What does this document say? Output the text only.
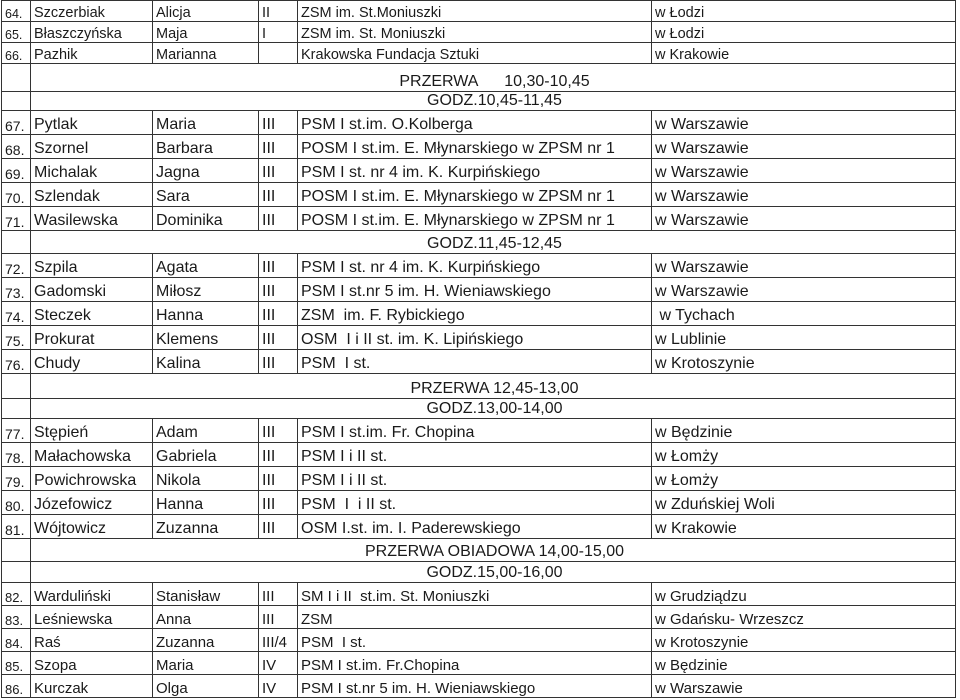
64.	Szczerbiak	Alicja	II	ZSM im. St.Moniuszki	w Łodzi
65.	Błaszczyńska	Maja	I	ZSM im. St. Moniuszki	w Łodzi
66.	Pazhik	Marianna		Krakowska Fundacja Sztuki	w Krakowie
	PRZERWA      10,30-10,45				
	GODZ.10,45-11,45				
67.	Pytlak	Maria	III	PSM I st.im. O.Kolberga	w Warszawie
68.	Szornel	Barbara	III	POSM I st.im. E. Młynarskiego w ZPSM nr 1	w Warszawie
69.	Michalak	Jagna	III	PSM I st. nr 4 im. K. Kurpińskiego	w Warszawie
70.	Szlendak	Sara	III	POSM I st.im. E. Młynarskiego w ZPSM nr 1	w Warszawie
71.	Wasilewska	Dominika	III	POSM I st.im. E. Młynarskiego w ZPSM nr 1	w Warszawie
	GODZ.11,45-12,45				
72.	Szpila	Agata	III	PSM I st. nr 4 im. K. Kurpińskiego	w Warszawie
73.	Gadomski	Miłosz	III	PSM I st.nr 5 im. H. Wieniawskiego	w Warszawie
74.	Steczek	Hanna	III	ZSM  im. F. Rybickiego	w Tychach
75.	Prokurat	Klemens	III	OSM  I i II st. im. K. Lipińskiego	w Lublinie
76.	Chudy	Kalina	III	PSM  I st.	w Krotoszynie
	PRZERWA 12,45-13,00				
	GODZ.13,00-14,00				
77.	Stępień	Adam	III	PSM I st.im. Fr. Chopina	w Będzinie
78.	Małachowska	Gabriela	III	PSM I i II st.	w Łomży
79.	Powichrowska	Nikola	III	PSM I i II st.	w Łomży
80.	Józefowicz	Hanna	III	PSM  I  i II st.	w Zduńskiej Woli
81.	Wójtowicz	Zuzanna	III	OSM I.st. im. I. Paderewskiego	w Krakowie
	PRZERWA OBIADOWA 14,00-15,00				
	GODZ.15,00-16,00				
82.	Warduliński	Stanisław	III	SM I i II  st.im. St. Moniuszki	w Grudziądzu
83.	Leśniewska	Anna	III	ZSM	w Gdańsku- Wrzeszcz
84.	Raś	Zuzanna	III/4	PSM  I st.	w Krotoszynie
85.	Szopa	Maria	IV	PSM I st.im. Fr.Chopina	w Będzinie
86.	Kurczak	Olga	IV	PSM I st.nr 5 im. H. Wieniawskiego	w Warszawie
